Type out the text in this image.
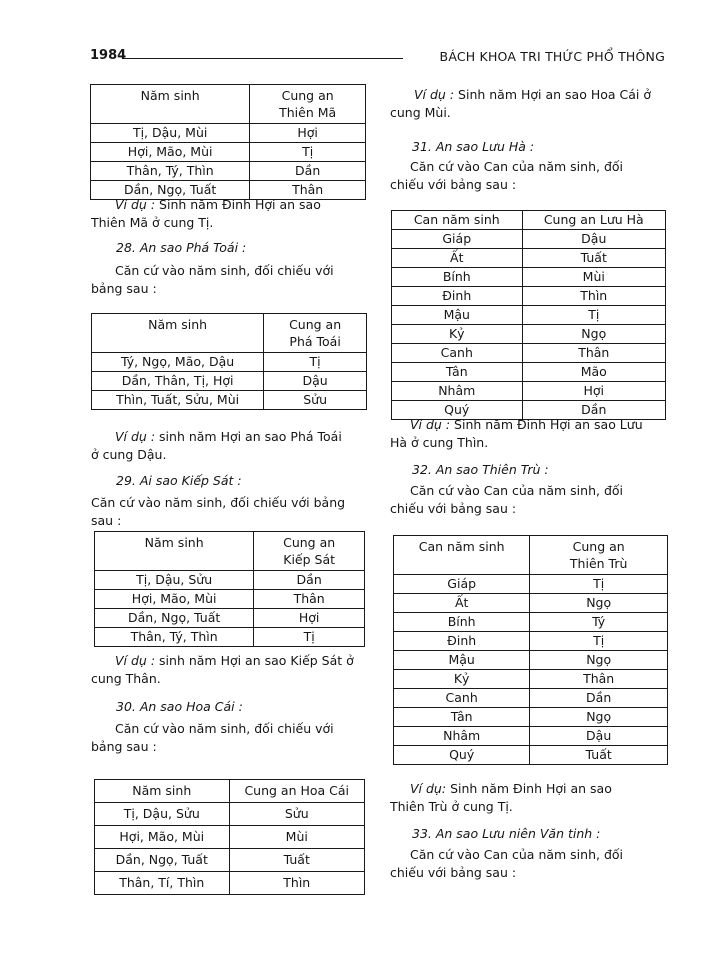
1984	BÁCH KHOA TRI THỨC PHỔ THÔNG
Năm sinh	Cung an Thiên Mã
Tị, Dậu, Mùi	Hợi
Hợi, Mão, Mùi	Tị
Thân, Tý, Thìn	Dần
Dần, Ngọ, Tuất	Thân

Ví dụ : Sinh năm Đinh Hợi an sao
Thiên Mã ở cung Tị.

28. An sao Phá Toái :

Căn cứ vào năm sinh, đối chiếu với
bảng sau :

Năm sinh	Cung an Phá Toái
Tý, Ngọ, Mão, Dậu	Tị
Dần, Thân, Tị, Hợi	Dậu
Thìn, Tuất, Sửu, Mùi	Sửu

Ví dụ : sinh năm Hợi an sao Phá Toái
ở cung Dậu.

29. Ai sao Kiếp Sát :

Căn cứ vào năm sinh, đối chiếu với bảng
sau :

Năm sinh	Cung an Kiếp Sát
Tị, Dậu, Sửu	Dần
Hợi, Mão, Mùi	Thân
Dần, Ngọ, Tuất	Hợi
Thân, Tý, Thìn	Tị

Ví dụ : sinh năm Hợi an sao Kiếp Sát ở
cung Thân.

30. An sao Hoa Cái :

Căn cứ vào năm sinh, đối chiếu với
bảng sau :

Năm sinh	Cung an Hoa Cái
Tị, Dậu, Sửu	Sửu
Hợi, Mão, Mùi	Mùi
Dần, Ngọ, Tuất	Tuất
Thân, Tí, Thìn	Thìn

Ví dụ : Sinh năm Hợi an sao Hoa Cái ở
cung Mùi.

31. An sao Lưu Hà :

Căn cứ vào Can của năm sinh, đối
chiếu với bảng sau :

Can năm sinh	Cung an Lưu Hà
Giáp	Dậu
Ất	Tuất
Bính	Mùi
Đinh	Thìn
Mậu	Tị
Kỷ	Ngọ
Canh	Thân
Tân	Mão
Nhâm	Hợi
Quý	Dần

Ví dụ : Sinh năm Đinh Hợi an sao Lưu
Hà ở cung Thìn.

32. An sao Thiên Trù :

Căn cứ vào Can của năm sinh, đối
chiếu với bảng sau :

Can năm sinh	Cung an Thiên Trù
Giáp	Tị
Ất	Ngọ
Bính	Tý
Đinh	Tị
Mậu	Ngọ
Kỷ	Thân
Canh	Dần
Tân	Ngọ
Nhâm	Dậu
Quý	Tuất

Ví dụ: Sinh năm Đinh Hợi an sao
Thiên Trù ở cung Tị.

33. An sao Lưu niên Văn tinh :

Căn cứ vào Can của năm sinh, đối
chiếu với bảng sau :
